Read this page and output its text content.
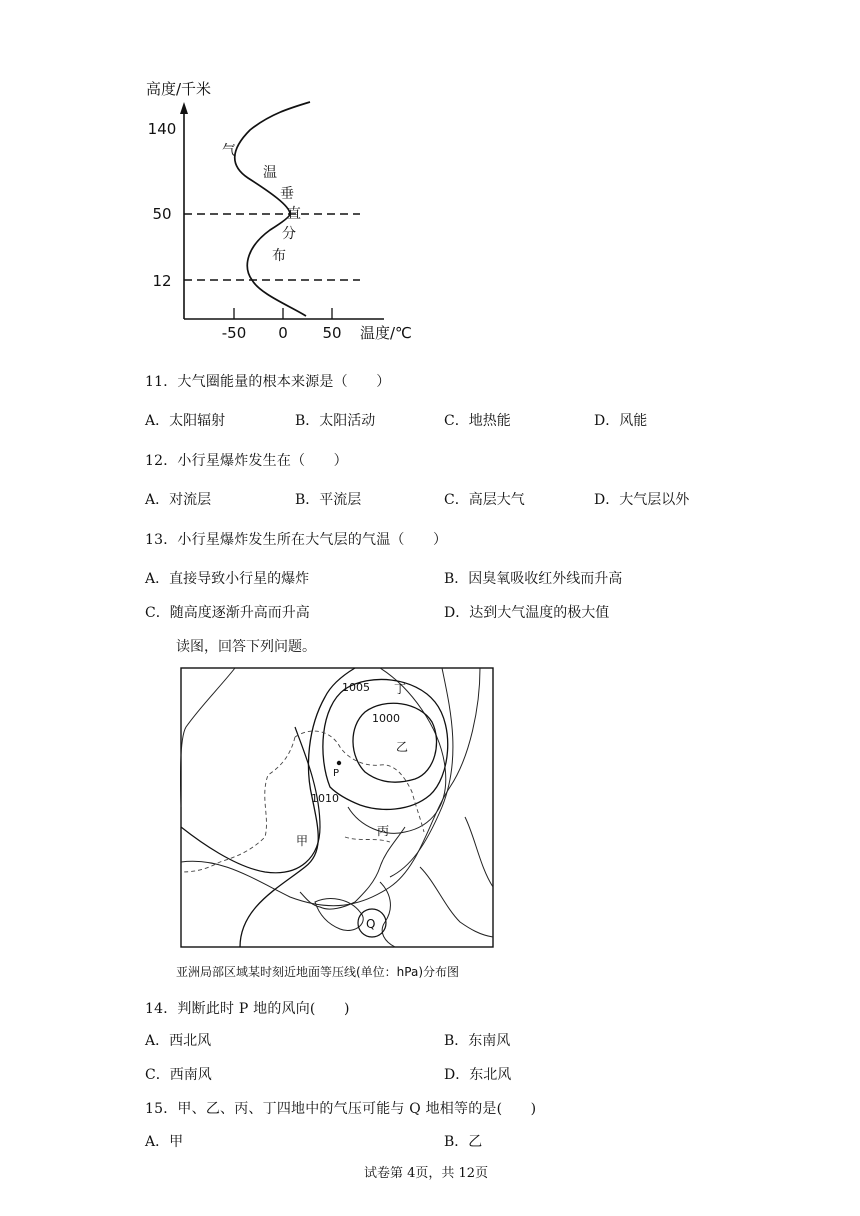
高度/千米
-50 0 50 温度/℃
140
50
12
气
温
垂
直
分
布
11．大气圈能量的根本来源是（　　）
A．太阳辐射	B．太阳活动	C．地热能	D．风能
12．小行星爆炸发生在（　　）
A．对流层	B．平流层	C．高层大气	D．大气层以外
13．小行星爆炸发生所在大气层的气温（　　）
A．直接导致小行星的爆炸	B．因臭氧吸收红外线而升高
C．随高度逐渐升高而升高	D．达到大气温度的极大值
读图，回答下列问题。
1005
1000
1010
丁
乙
P
丙
甲
Q
亚洲局部区域某时刻近地面等压线(单位：hPa)分布图
14．判断此时 P 地的风向(　　)
A．西北风	B．东南风
C．西南风	D．东北风
15．甲、乙、丙、丁四地中的气压可能与 Q 地相等的是(　　)
A．甲	B．乙
试卷第 4页，共 12页
